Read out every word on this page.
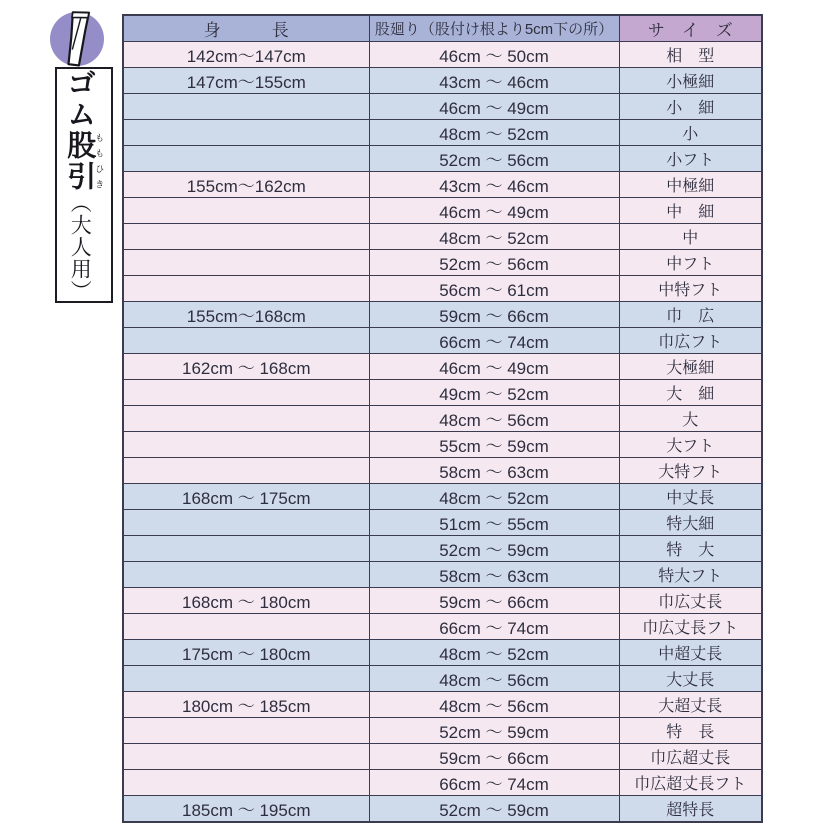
ゴム股引 ももひき（大人用）
身　　　長	股廻り（股付け根より5cm下の所）	サ　イ　ズ
142cm～147cm	46cm ～ 50cm	相　型
147cm～155cm	43cm ～ 46cm	小極細
	46cm ～ 49cm	小　細
	48cm ～ 52cm	小
	52cm ～ 56cm	小フト
155cm～162cm	43cm ～ 46cm	中極細
	46cm ～ 49cm	中　細
	48cm ～ 52cm	中
	52cm ～ 56cm	中フト
	56cm ～ 61cm	中特フト
155cm～168cm	59cm ～ 66cm	巾　広
	66cm ～ 74cm	巾広フト
162cm ～ 168cm	46cm ～ 49cm	大極細
	49cm ～ 52cm	大　細
	48cm ～ 56cm	大
	55cm ～ 59cm	大フト
	58cm ～ 63cm	大特フト
168cm ～ 175cm	48cm ～ 52cm	中丈長
	51cm ～ 55cm	特大細
	52cm ～ 59cm	特　大
	58cm ～ 63cm	特大フト
168cm ～ 180cm	59cm ～ 66cm	巾広丈長
	66cm ～ 74cm	巾広丈長フト
175cm ～ 180cm	48cm ～ 52cm	中超丈長
	48cm ～ 56cm	大丈長
180cm ～ 185cm	48cm ～ 56cm	大超丈長
	52cm ～ 59cm	特　長
	59cm ～ 66cm	巾広超丈長
	66cm ～ 74cm	巾広超丈長フト
185cm ～ 195cm	52cm ～ 59cm	超特長
